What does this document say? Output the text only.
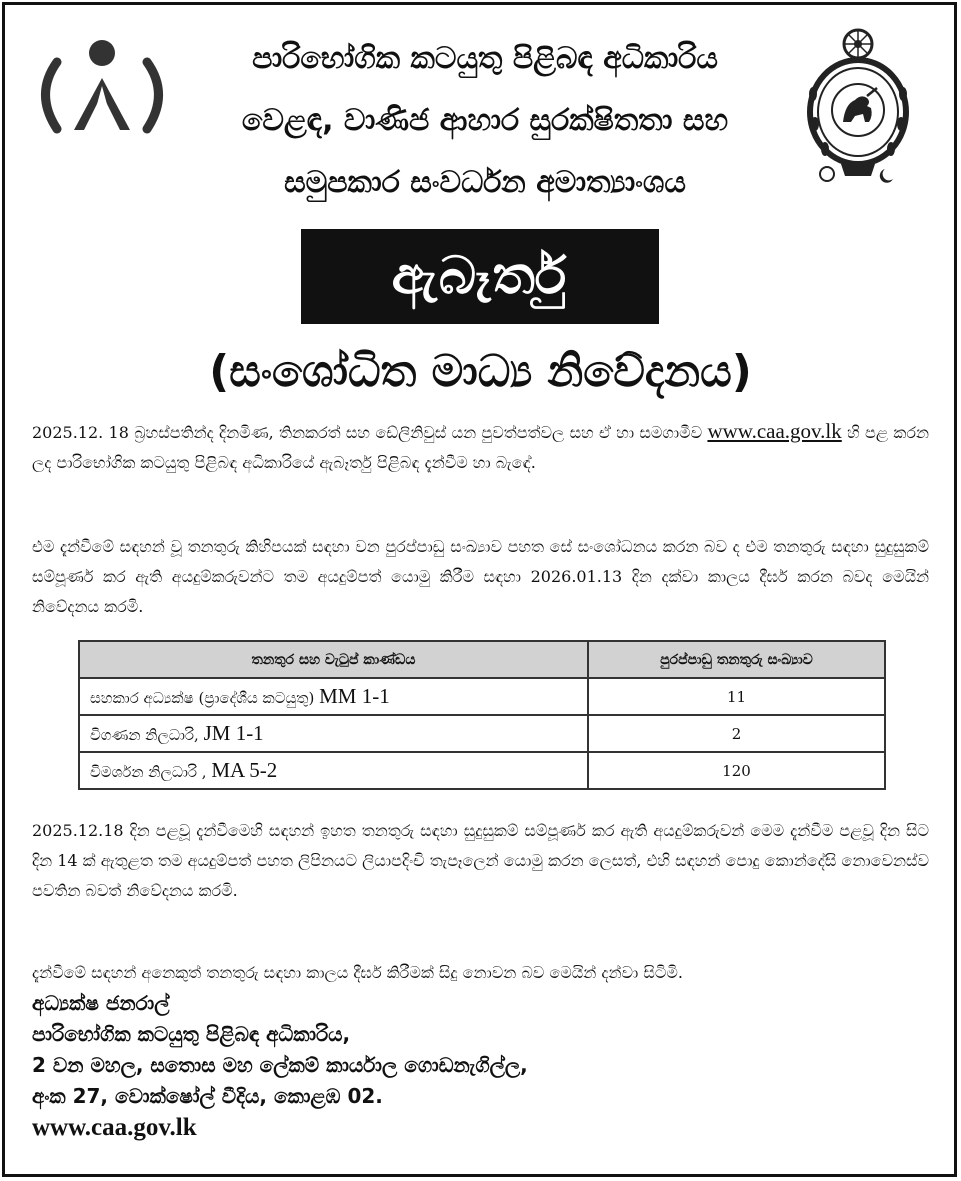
පාරිභෝගික කටයුතු පිළිබඳ අධිකාරිය
වෙළඳ, වාණිජ ආහාර සුරක්ෂිතතා සහ
සමුපකාර සංවර්ධන අමාත්‍යාංශය
ඇබෑර්තු
(සංශෝධිත මාධ්‍ය නිවේදනය)
2025.12. 18 බ්‍රහස්පතින්ද දිනමිණ, තිනකරත් සහ ඩේලිනිවුස් යන පුවත්පත්වල සහ ඒ හා සමගාමීව www.caa.gov.lk හි පළ කරන ලද පාරිභෝගික කටයුතු පිළිබඳ අධිකාරියේ ඇබෑර්තු පිළිබඳ දැන්වීම හා බැඳේ.
එම දැන්වීමේ සඳහන් වූ තනතුරු කිහිපයක් සඳහා වන පුරප්පාඩු සංඛ්‍යාව පහත සේ සංශෝධනය කරන බව ද එම තනතුරු සඳහා සුදුසුකම් සම්පූර්ණ කර ඇති අයදුම්කරුවන්ට තම අයදුම්පත් යොමු කිරීම සඳහා 2026.01.13 දින දක්වා කාලය දීර්ඝ කරන බවද මෙයින් නිවේදනය කරමි.
තනතුර සහ වැටුප් කාණ්ඩය	පුරප්පාඩු තනතුරු සංඛ්‍යාව
සහකාර අධ්‍යක්ෂ (ප්‍රාදේශීය කටයුතු) MM 1-1	11
විගණන නිලධාරි, JM 1-1	2
විමර්ශන නිලධාරි , MA 5-2	120
2025.12.18 දින පළවූ දැන්වීමෙහි සඳහන් ඉහත තනතුරු සඳහා සුදුසුකම් සම්පූර්ණ කර ඇති අයදුම්කරුවන් මෙම දැන්වීම පළවූ දින සිට දින 14 ක් ඇතුළත තම අයදුම්පත් පහත ලිපිනයට ලියාපදිංචි තැපෑලෙන් යොමු කරන ලෙසත්, එහි සඳහන් පොදු කොන්දේසි නොවෙනස්ව පවතින බවත් නිවේදනය කරමි.
දැන්වීමේ සඳහන් අනෙකුත් තනතුරු සඳහා කාලය දීර්ඝ කිරීමක් සිදු නොවන බව මෙයින් දන්වා සිටිමි.
අධ්‍යක්ෂ ජනරාල්
පාරිභෝගික කටයුතු පිළිබඳ අධිකාරිය,
2 වන මහල, සතොස මහ ලේකම් කාර්යාල ගොඩනැගිල්ල,
අංක 27, වොක්ෂෝල් වීදිය, කොළඹ 02.
www.caa.gov.lk
